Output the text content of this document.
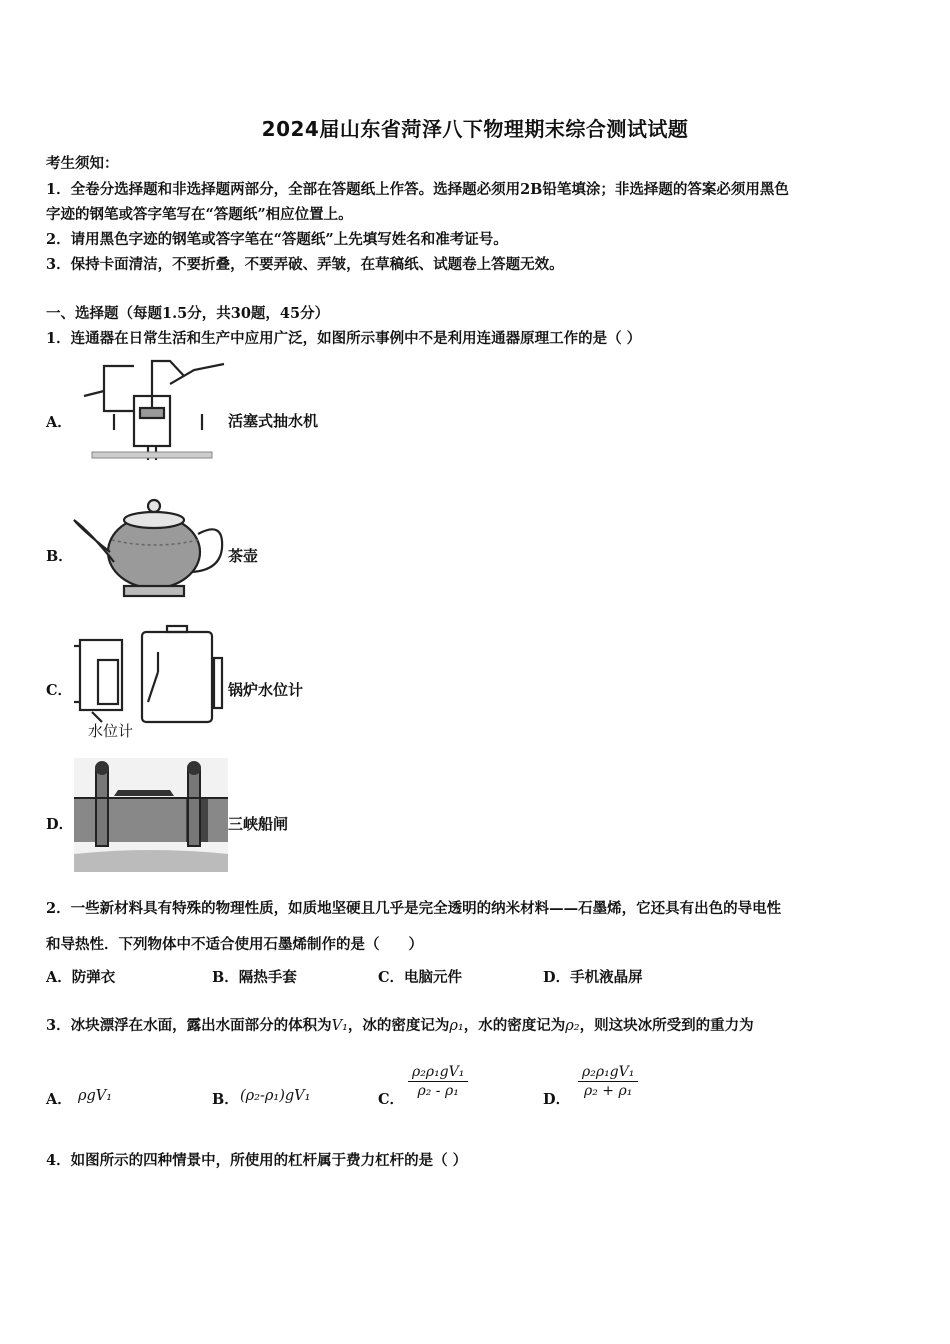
2024届山东省菏泽八下物理期末综合测试试题
考生须知：
1．全卷分选择题和非选择题两部分，全部在答题纸上作答。选择题必须用2B铅笔填涂；非选择题的答案必须用黑色
字迹的钢笔或答字笔写在“答题纸”相应位置上。
2．请用黑色字迹的钢笔或答字笔在“答题纸”上先填写姓名和准考证号。
3．保持卡面清洁，不要折叠，不要弄破、弄皱，在草稿纸、试题卷上答题无效。
一、选择题（每题1.5分，共30题，45分）
1．连通器在日常生活和生产中应用广泛，如图所示事例中不是利用连通器原理工作的是（ ）
A．	活塞式抽水机
B．	茶壶
C．
水位计
锅炉水位计
D．	三峡船闸
2．一些新材料具有特殊的物理性质，如质地坚硬且几乎是完全透明的纳米材料——石墨烯，它还具有出色的导电性
和导热性．下列物体中不适合使用石墨烯制作的是（　　）
A．防弹衣	B．隔热手套	C．电脑元件	D．手机液晶屏
3．冰块漂浮在水面，露出水面部分的体积为V₁，冰的密度记为ρ₁，水的密度记为ρ₂，则这块冰所受到的重力为
A． ρgV₁	B． (ρ₂-ρ₁)gV₁	C．
$\frac{\text{ρ₂ρ₁gV₁}}{\text{ρ₂ - ρ₁}}$
D．
$\frac{\text{ρ₂ρ₁gV₁}}{\text{ρ₂ + ρ₁}}$
4．如图所示的四种情景中，所使用的杠杆属于费力杠杆的是（ ）
